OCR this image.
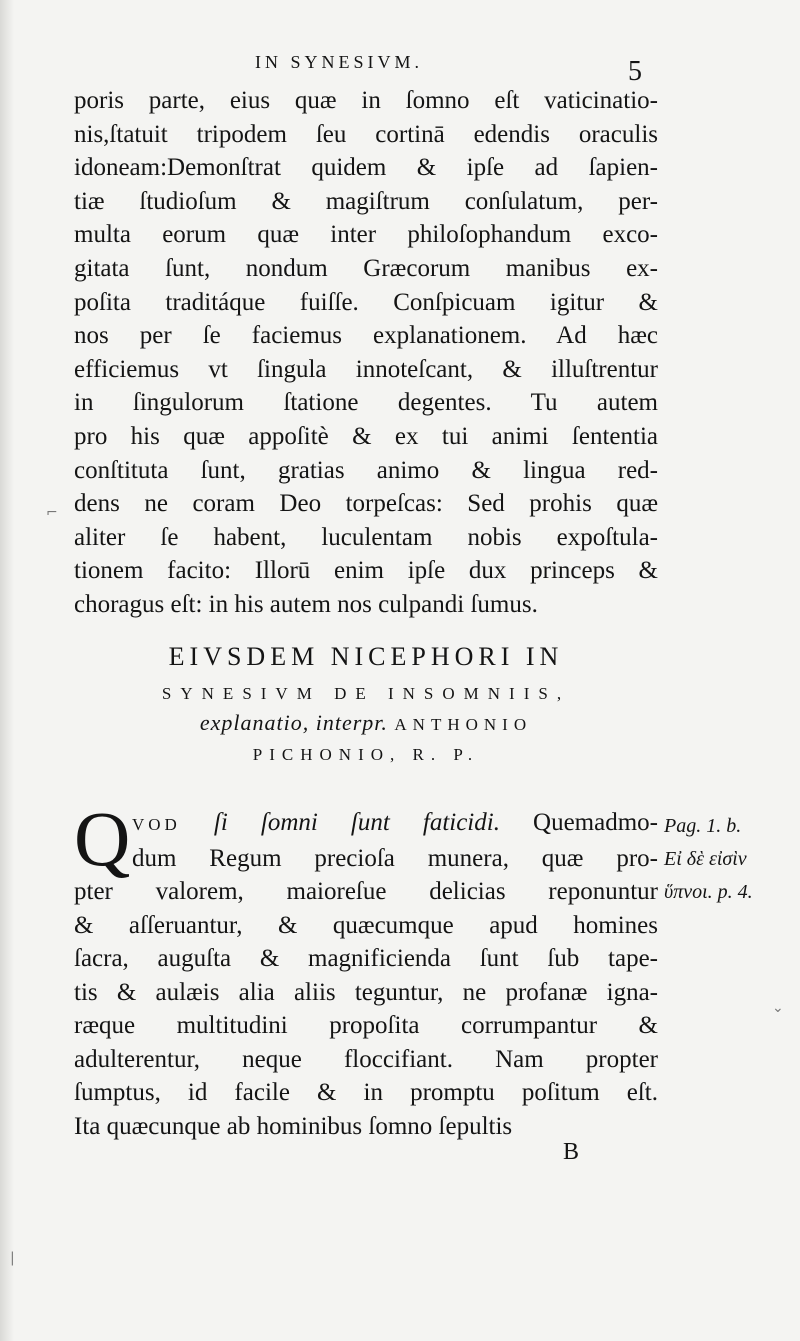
IN SYNESIVM.	5
poris parte, eius quæ in ſomno eſt vaticinatio-
nis,ſtatuit tripodem ſeu cortinā edendis oraculis
idoneam:Demonſtrat quidem & ipſe ad ſapien-
tiæ ſtudioſum & magiſtrum conſulatum, per-
multa eorum quæ inter philoſophandum exco-
gitata ſunt, nondum Græcorum manibus ex-
poſita traditáque fuiſſe. Conſpicuam igitur &
nos per ſe faciemus explanationem. Ad hæc
efficiemus vt ſingula innoteſcant, & illuſtrentur
in ſingulorum ſtatione degentes. Tu autem
pro his quæ appoſitè & ex tui animi ſententia
conſtituta ſunt, gratias animo & lingua red-
dens ne coram Deo torpeſcas: Sed prohis quæ
aliter ſe habent, luculentam nobis expoſtula-
tionem facito: Illorū enim ipſe dux princeps &
choragus eſt: in his autem nos culpandi ſumus.
EIVSDEM NICEPHORI IN
SYNESIVM DE INSOMNIIS,
explanatio, interpr. ANTHONIO
PICHONIO, R. P.
Q VOD ſi ſomni ſunt faticidi. Quemadmo-
dum Regum precioſa munera, quæ pro-
pter valorem, maioreſue delicias reponuntur
& aſſeruantur, & quæcumque apud homines
ſacra, auguſta & magnificienda ſunt ſub tape-
tis & aulæis alia aliis teguntur, ne profanæ igna-
ræque multitudini propoſita corrumpantur &
adulterentur, neque floccifiant. Nam propter
ſumptus, id facile & in promptu poſitum eſt.
Ita quæcunque ab hominibus ſomno ſepultis
Pag. 1. b.
Εἰ δὲ εἰσὶν
ὕπνοι. p. 4.
B
⌐
⌄
|
